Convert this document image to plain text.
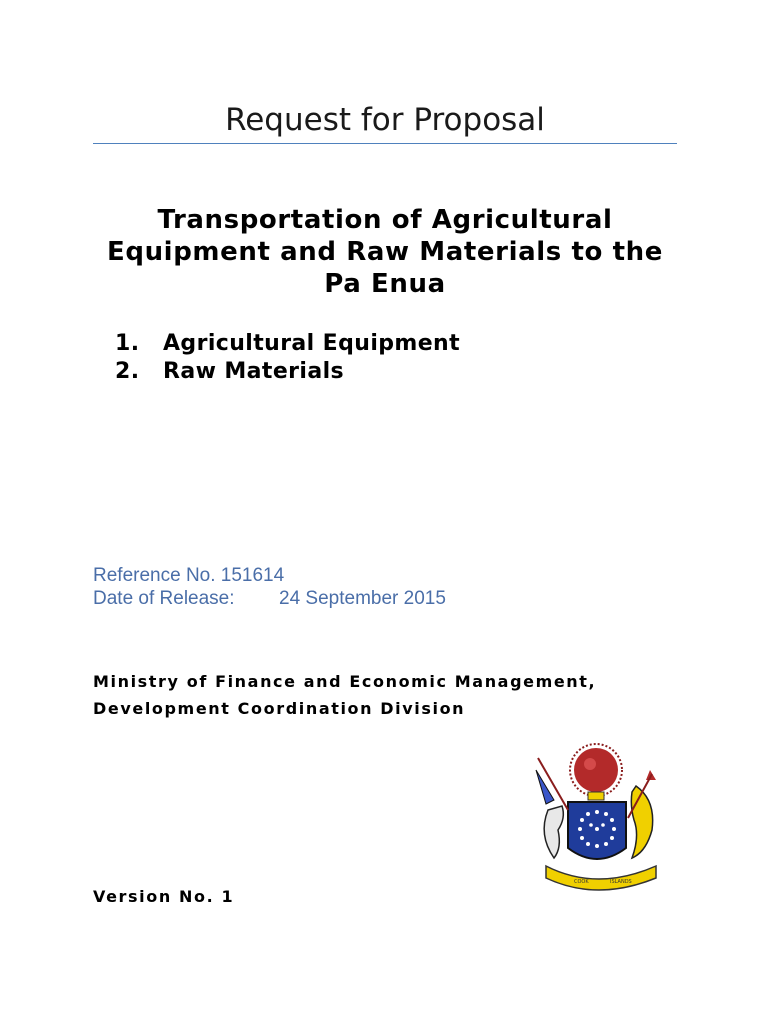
Request for Proposal
Transportation of Agricultural Equipment and Raw Materials to the Pa Enua
1.	Agricultural Equipment
2.	Raw Materials
Reference No. 151614
Date of Release:	24 September 2015
Ministry of Finance and Economic Management,
Development Coordination Division
Version No. 1
COOK	ISLANDS
